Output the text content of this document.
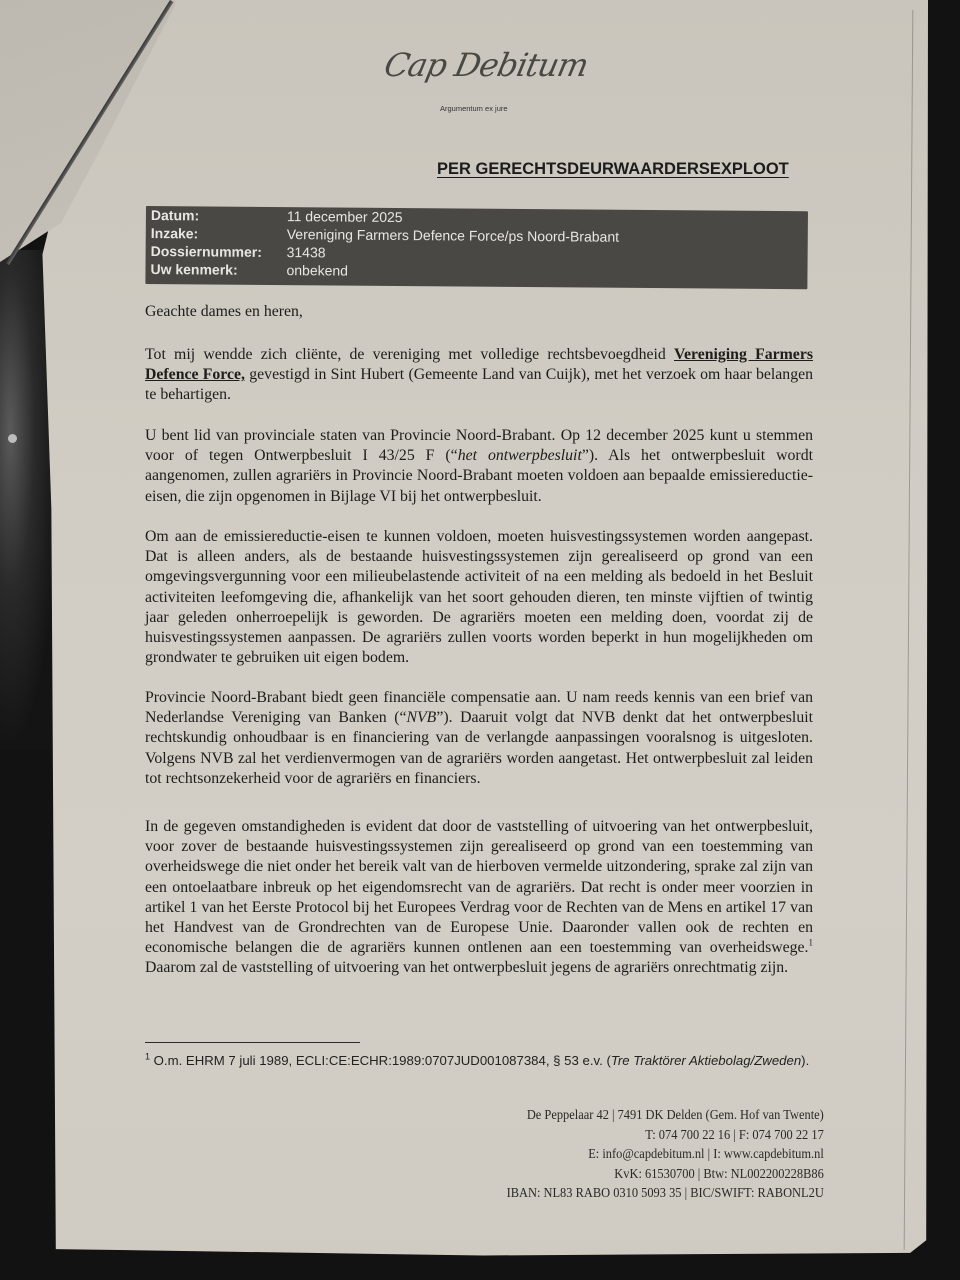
Cap Debitum
Argumentum ex jure
PER GERECHTSDEURWAARDERSEXPLOOT
Datum:	11 december 2025
Inzake:	Vereniging Farmers Defence Force/ps Noord-Brabant
Dossiernummer: 31438
Uw kenmerk:	onbekend
Geachte dames en heren,
Tot mij wendde zich cliënte, de vereniging met volledige rechtsbevoegdheid Vereniging Farmers Defence Force, gevestigd in Sint Hubert (Gemeente Land van Cuijk), met het verzoek om haar belangen te behartigen.
U bent lid van provinciale staten van Provincie Noord-Brabant. Op 12 december 2025 kunt u stemmen voor of tegen Ontwerpbesluit I 43/25 F (“het ontwerpbesluit”). Als het ontwerpbesluit wordt aangenomen, zullen agrariërs in Provincie Noord-Brabant moeten voldoen aan bepaalde emissiereductie-eisen, die zijn opgenomen in Bijlage VI bij het ontwerpbesluit.
Om aan de emissiereductie-eisen te kunnen voldoen, moeten huisvestingssystemen worden aangepast. Dat is alleen anders, als de bestaande huisvestingssystemen zijn gerealiseerd op grond van een omgevingsvergunning voor een milieubelastende activiteit of na een melding als bedoeld in het Besluit activiteiten leefomgeving die, afhankelijk van het soort gehouden dieren, ten minste vijftien of twintig jaar geleden onherroepelijk is geworden. De agrariërs moeten een melding doen, voordat zij de huisvestingssystemen aanpassen. De agrariërs zullen voorts worden beperkt in hun mogelijkheden om grondwater te gebruiken uit eigen bodem.
Provincie Noord-Brabant biedt geen financiële compensatie aan. U nam reeds kennis van een brief van Nederlandse Vereniging van Banken (“NVB”). Daaruit volgt dat NVB denkt dat het ontwerpbesluit rechtskundig onhoudbaar is en financiering van de verlangde aanpassingen vooralsnog is uitgesloten. Volgens NVB zal het verdienvermogen van de agrariërs worden aangetast. Het ontwerpbesluit zal leiden tot rechtsonzekerheid voor de agrariërs en financiers.
In de gegeven omstandigheden is evident dat door de vaststelling of uitvoering van het ontwerpbesluit, voor zover de bestaande huisvestingssystemen zijn gerealiseerd op grond van een toestemming van overheidswege die niet onder het bereik valt van de hierboven vermelde uitzondering, sprake zal zijn van een ontoelaatbare inbreuk op het eigendomsrecht van de agrariërs. Dat recht is onder meer voorzien in artikel 1 van het Eerste Protocol bij het Europees Verdrag voor de Rechten van de Mens en artikel 17 van het Handvest van de Grondrechten van de Europese Unie. Daaronder vallen ook de rechten en economische belangen die de agrariërs kunnen ontlenen aan een toestemming van overheidswege.$^1$ Daarom zal de vaststelling of uitvoering van het ontwerpbesluit jegens de agrariërs onrechtmatig zijn.
$^1$ O.m. EHRM 7 juli 1989, ECLI:CE:ECHR:1989:0707JUD001087384, § 53 e.v. (Tre Traktörer Aktiebolag/Zweden).
De Peppelaar 42 | 7491 DK Delden (Gem. Hof van Twente)
T: 074 700 22 16 | F: 074 700 22 17
E: info@capdebitum.nl | I: www.capdebitum.nl
KvK: 61530700 | Btw: NL002200228B86
IBAN: NL83 RABO 0310 5093 35 | BIC/SWIFT: RABONL2U
